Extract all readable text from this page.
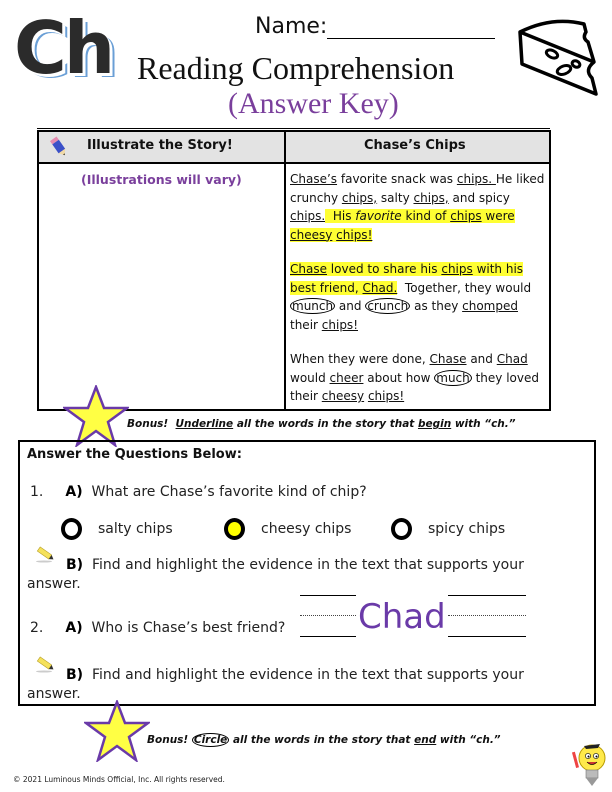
Ch	Name:
Reading Comprehension
(Answer Key)
Illustrate the Story!	Chase’s Chips
(Illustrations will vary)	Chase’s favorite snack was chips. He liked crunchy chips, salty chips, and spicy chips.  His favorite kind of chips were cheesy chips!

Chase loved to share his chips with his best friend, Chad.  Together, they would munch and crunch as they chomped their chips!

When they were done, Chase and Chad would cheer about how much they loved their cheesy chips!

Bonus! Underline all the words in the story that begin with “ch.”
Answer the Questions Below:
1. A) What are Chase’s favorite kind of chip?
salty chips	cheesy chips	spicy chips
B) Find and highlight the evidence in the text that supports your answer.
2. A) Who is Chase’s best friend? Chad
B) Find and highlight the evidence in the text that supports your answer.
Bonus! Circle all the words in the story that end with “ch.”
© 2021 Luminous Minds Official, Inc. All rights reserved.
